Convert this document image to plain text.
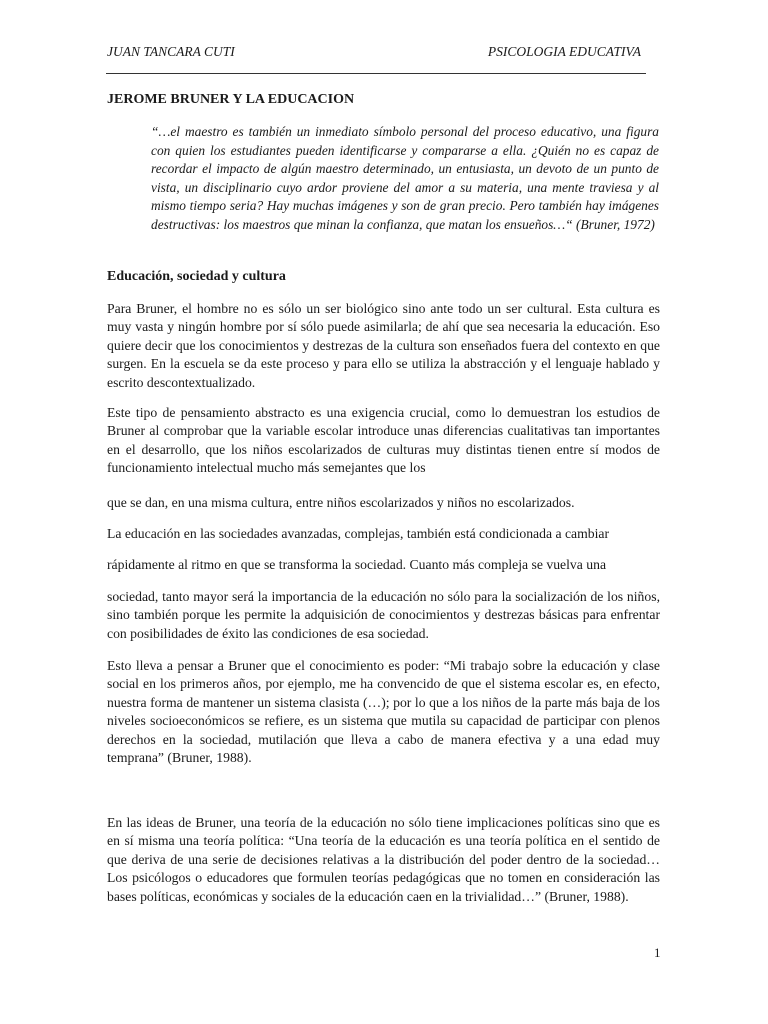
JUAN TANCARA CUTI	PSICOLOGIA EDUCATIVA
JEROME BRUNER Y LA EDUCACION
“…el maestro es también un inmediato símbolo personal del proceso educativo, una figura con quien los estudiantes pueden identificarse y compararse a ella. ¿Quién no es capaz de recordar el impacto de algún maestro determinado, un entusiasta, un devoto de un punto de vista, un disciplinario cuyo ardor proviene del amor a su materia, una mente traviesa y al mismo tiempo seria? Hay muchas imágenes y son de gran precio. Pero también hay imágenes destructivas: los maestros que minan la confianza, que matan los ensueños…“ (Bruner, 1972)
Educación, sociedad y cultura

Para Bruner, el hombre no es sólo un ser biológico sino ante todo un ser cultural. Esta cultura es muy vasta y ningún hombre por sí sólo puede asimilarla; de ahí que sea necesaria la educación. Eso quiere decir que los conocimientos y destrezas de la cultura son enseñados fuera del contexto en que surgen. En la escuela se da este proceso y para ello se utiliza la abstracción y el lenguaje hablado y escrito descontextualizado.

Este tipo de pensamiento abstracto es una exigencia crucial, como lo demuestran los estudios de Bruner al comprobar que la variable escolar introduce unas diferencias cualitativas tan importantes en el desarrollo, que los niños escolarizados de culturas muy distintas tienen entre sí modos de funcionamiento intelectual mucho más semejantes que los

que se dan, en una misma cultura, entre niños escolarizados y niños no escolarizados.

La educación en las sociedades avanzadas, complejas, también está condicionada a cambiar

rápidamente al ritmo en que se transforma la sociedad. Cuanto más compleja se vuelva una

sociedad, tanto mayor será la importancia de la educación no sólo para la socialización de los niños, sino también porque les permite la adquisición de conocimientos y destrezas básicas para enfrentar con posibilidades de éxito las condiciones de esa sociedad.

Esto lleva a pensar a Bruner que el conocimiento es poder: “Mi trabajo sobre la educación y clase social en los primeros años, por ejemplo, me ha convencido de que el sistema escolar es, en efecto, nuestra forma de mantener un sistema clasista (…); por lo que a los niños de la parte más baja de los niveles socioeconómicos se refiere, es un sistema que mutila su capacidad de participar con plenos derechos en la sociedad, mutilación que lleva a cabo de manera efectiva y a una edad muy temprana” (Bruner, 1988).

En las ideas de Bruner, una teoría de la educación no sólo tiene implicaciones políticas sino que es en sí misma una teoría política: “Una teoría de la educación es una teoría política en el sentido de que deriva de una serie de decisiones relativas a la distribución del poder dentro de la sociedad… Los psicólogos o educadores que formulen teorías pedagógicas que no tomen en consideración las bases políticas, económicas y sociales de la educación caen en la trivialidad…” (Bruner, 1988).

1
